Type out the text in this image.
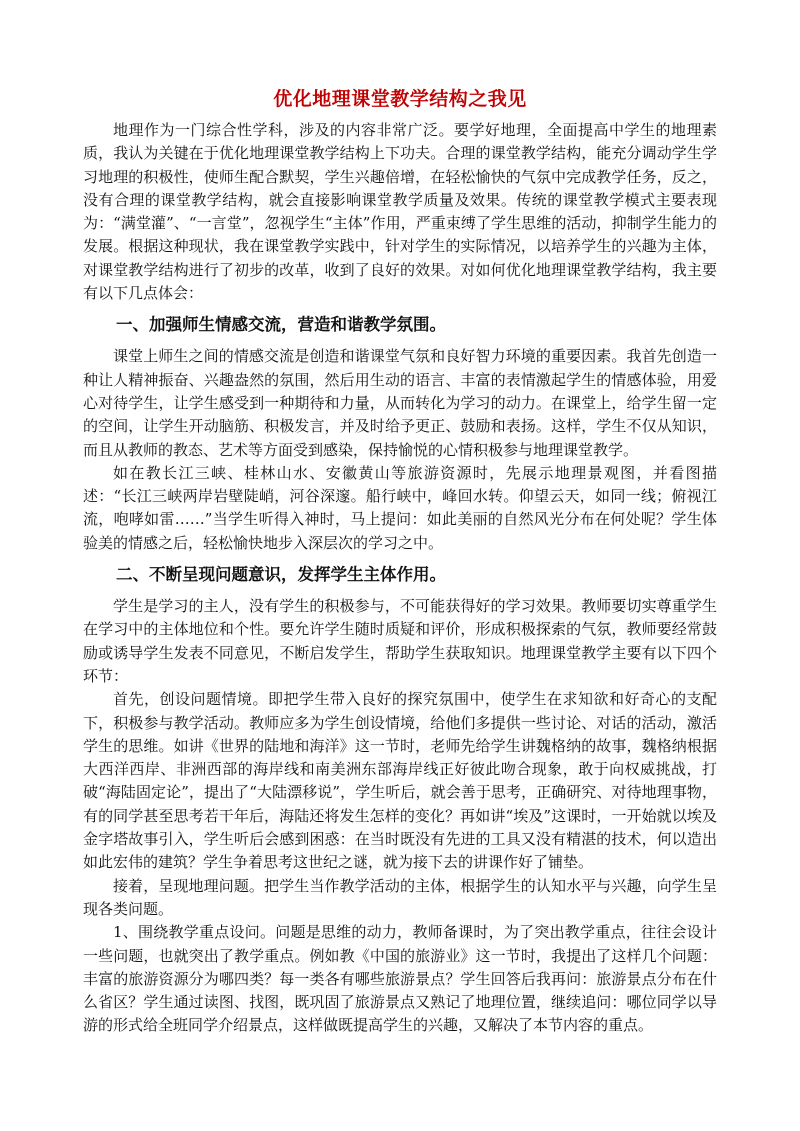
优化地理课堂教学结构之我见

地理作为一门综合性学科，涉及的内容非常广泛。要学好地理，全面提高中学生的地理素质，我认为关键在于优化地理课堂教学结构上下功夫。合理的课堂教学结构，能充分调动学生学习地理的积极性，使师生配合默契，学生兴趣倍增，在轻松愉快的气氛中完成教学任务，反之，没有合理的课堂教学结构，就会直接影响课堂教学质量及效果。传统的课堂教学模式主要表现为：“满堂灌”、“一言堂”，忽视学生“主体”作用，严重束缚了学生思维的活动，抑制学生能力的发展。根据这种现状，我在课堂教学实践中，针对学生的实际情况，以培养学生的兴趣为主体，对课堂教学结构进行了初步的改革，收到了良好的效果。对如何优化地理课堂教学结构，我主要有以下几点体会：

一、加强师生情感交流，营造和谐教学氛围。

课堂上师生之间的情感交流是创造和谐课堂气氛和良好智力环境的重要因素。我首先创造一种让人精神振奋、兴趣盎然的氛围，然后用生动的语言、丰富的表情激起学生的情感体验，用爱心对待学生，让学生感受到一种期待和力量，从而转化为学习的动力。在课堂上，给学生留一定的空间，让学生开动脑筋、积极发言，并及时给予更正、鼓励和表扬。这样，学生不仅从知识，而且从教师的教态、艺术等方面受到感染，保持愉悦的心情积极参与地理课堂教学。

如在教长江三峡、桂林山水、安徽黄山等旅游资源时，先展示地理景观图，并看图描述：“长江三峡两岸岩壁陡峭，河谷深邃。船行峡中，峰回水转。仰望云天，如同一线；俯视江流，咆哮如雷……”当学生听得入神时，马上提问：如此美丽的自然风光分布在何处呢？学生体验美的情感之后，轻松愉快地步入深层次的学习之中。

二、不断呈现问题意识，发挥学生主体作用。

学生是学习的主人，没有学生的积极参与，不可能获得好的学习效果。教师要切实尊重学生在学习中的主体地位和个性。要允许学生随时质疑和评价，形成积极探索的气氛，教师要经常鼓励或诱导学生发表不同意见，不断启发学生，帮助学生获取知识。地理课堂教学主要有以下四个环节：

首先，创设问题情境。即把学生带入良好的探究氛围中，使学生在求知欲和好奇心的支配下，积极参与教学活动。教师应多为学生创设情境，给他们多提供一些讨论、对话的活动，激活学生的思维。如讲《世界的陆地和海洋》这一节时，老师先给学生讲魏格纳的故事，魏格纳根据大西洋西岸、非洲西部的海岸线和南美洲东部海岸线正好彼此吻合现象，敢于向权威挑战，打破“海陆固定论”，提出了“大陆漂移说”，学生听后，就会善于思考，正确研究、对待地理事物，有的同学甚至思考若干年后，海陆还将发生怎样的变化？再如讲“埃及”这课时，一开始就以埃及金字塔故事引入，学生听后会感到困惑：在当时既没有先进的工具又没有精湛的技术，何以造出如此宏伟的建筑？学生争着思考这世纪之谜，就为接下去的讲课作好了铺垫。

接着，呈现地理问题。把学生当作教学活动的主体，根据学生的认知水平与兴趣，向学生呈现各类问题。

1、围绕教学重点设问。问题是思维的动力，教师备课时，为了突出教学重点，往往会设计一些问题，也就突出了教学重点。例如教《中国的旅游业》这一节时，我提出了这样几个问题：丰富的旅游资源分为哪四类？每一类各有哪些旅游景点？学生回答后我再问：旅游景点分布在什么省区？学生通过读图、找图，既巩固了旅游景点又熟记了地理位置，继续追问：哪位同学以导游的形式给全班同学介绍景点，这样做既提高学生的兴趣，又解决了本节内容的重点。
